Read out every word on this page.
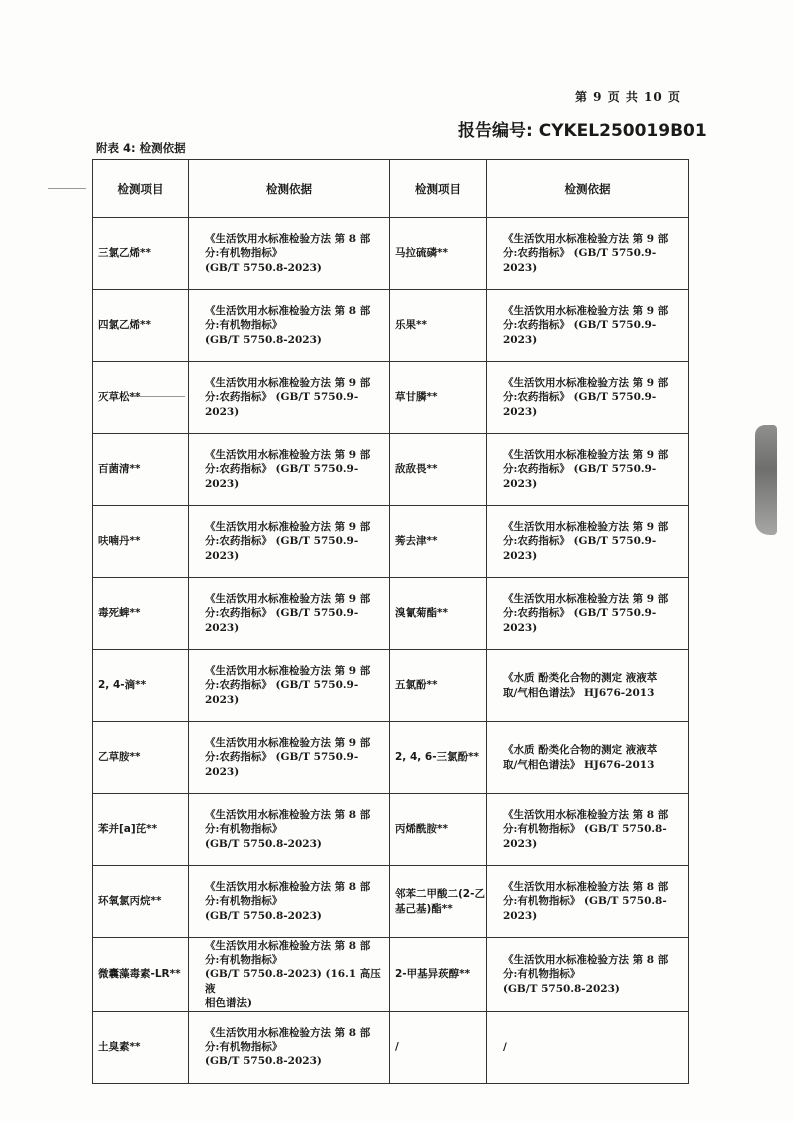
第 9 页 共 10 页
报告编号: CYKEL250019B01
附表 4: 检测依据
检测项目	检测依据	检测项目	检测依据
三氯乙烯**	《生活饮用水标准检验方法 第 8 部
分:有机物指标》
(GB/T 5750.8-2023)	马拉硫磷**	《生活饮用水标准检验方法 第 9 部
分:农药指标》 (GB/T 5750.9-2023)

四氯乙烯**	《生活饮用水标准检验方法 第 8 部
分:有机物指标》
(GB/T 5750.8-2023)	乐果**	《生活饮用水标准检验方法 第 9 部
分:农药指标》 (GB/T 5750.9-2023)

灭草松**	《生活饮用水标准检验方法 第 9 部
分:农药指标》 (GB/T 5750.9-2023)	草甘膦**	《生活饮用水标准检验方法 第 9 部
分:农药指标》 (GB/T 5750.9-2023)

百菌清**	《生活饮用水标准检验方法 第 9 部
分:农药指标》 (GB/T 5750.9-2023)	敌敌畏**	《生活饮用水标准检验方法 第 9 部
分:农药指标》 (GB/T 5750.9-2023)

呋喃丹**	《生活饮用水标准检验方法 第 9 部
分:农药指标》 (GB/T 5750.9-2023)	莠去津**	《生活饮用水标准检验方法 第 9 部
分:农药指标》 (GB/T 5750.9-2023)

毒死蜱**	《生活饮用水标准检验方法 第 9 部
分:农药指标》 (GB/T 5750.9-2023)	溴氰菊酯**	《生活饮用水标准检验方法 第 9 部
分:农药指标》 (GB/T 5750.9-2023)

2, 4-滴**	《生活饮用水标准检验方法 第 9 部
分:农药指标》 (GB/T 5750.9-2023)	五氯酚**	《水质 酚类化合物的测定 液液萃
取/气相色谱法》 HJ676-2013

乙草胺**	《生活饮用水标准检验方法 第 9 部
分:农药指标》 (GB/T 5750.9-2023)	2, 4, 6-三氯酚**	《水质 酚类化合物的测定 液液萃
取/气相色谱法》 HJ676-2013

苯并[a]芘**	《生活饮用水标准检验方法 第 8 部
分:有机物指标》
(GB/T 5750.8-2023)	丙烯酰胺**	《生活饮用水标准检验方法 第 8 部
分:有机物指标》 (GB/T 5750.8-2023)

环氧氯丙烷**	《生活饮用水标准检验方法 第 8 部
分:有机物指标》
(GB/T 5750.8-2023)	邻苯二甲酸二(2-乙基己基)酯**	《生活饮用水标准检验方法 第 8 部
分:有机物指标》 (GB/T 5750.8-2023)

微囊藻毒素-LR**	《生活饮用水标准检验方法 第 8 部
分:有机物指标》
(GB/T 5750.8-2023) (16.1 高压液
相色谱法)	2-甲基异莰醇**	《生活饮用水标准检验方法 第 8 部
分:有机物指标》
(GB/T 5750.8-2023)

土臭素**	《生活饮用水标准检验方法 第 8 部
分:有机物指标》
(GB/T 5750.8-2023)	/	/
